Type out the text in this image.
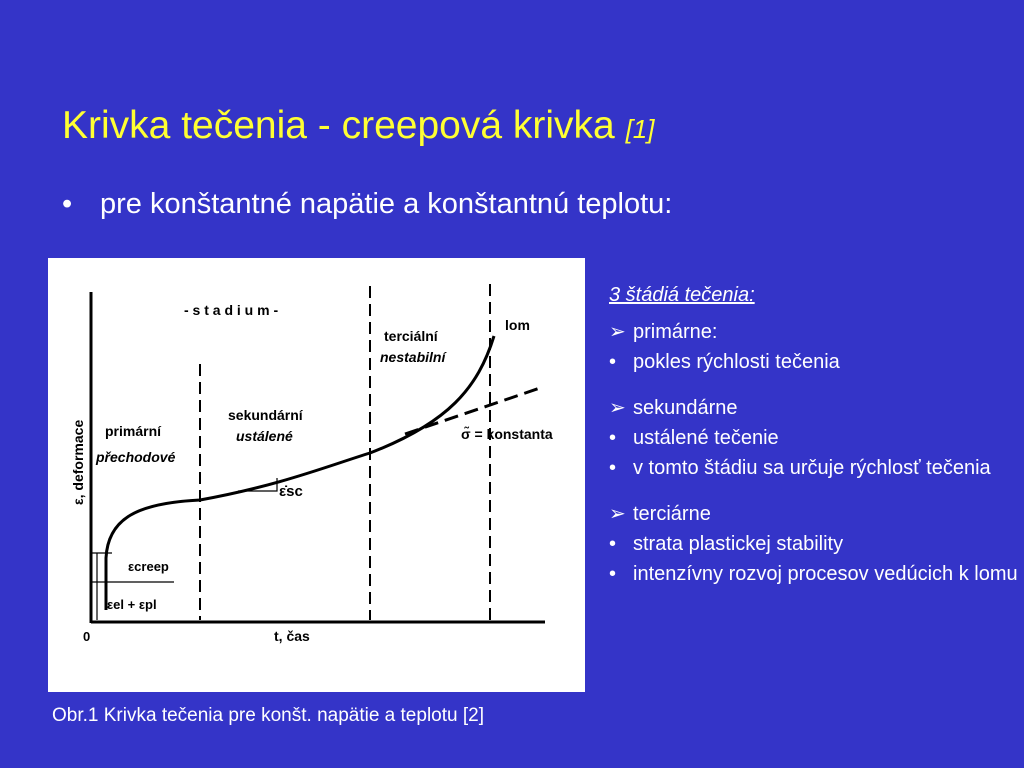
Krivka tečenia - creepová krivka [1]
• pre konštantné napätie a konštantnú teplotu:
- s t a d i u m -
primární
přechodové
sekundární
ustálené
terciální
nestabilní
lom
σ̃ = konstanta
ε̇sc
εcreep
εel + εpl
ε, deformace
t, čas
0
Obr.1 Krivka tečenia pre konšt. napätie a teplotu [2]
3 štádiá tečenia:
➢ primárne:
• pokles rýchlosti tečenia
➢ sekundárne
• ustálené tečenie
• v tomto štádiu sa určuje rýchlosť tečenia
➢ terciárne
• strata plastickej stability
• intenzívny rozvoj procesov vedúcich k lomu
